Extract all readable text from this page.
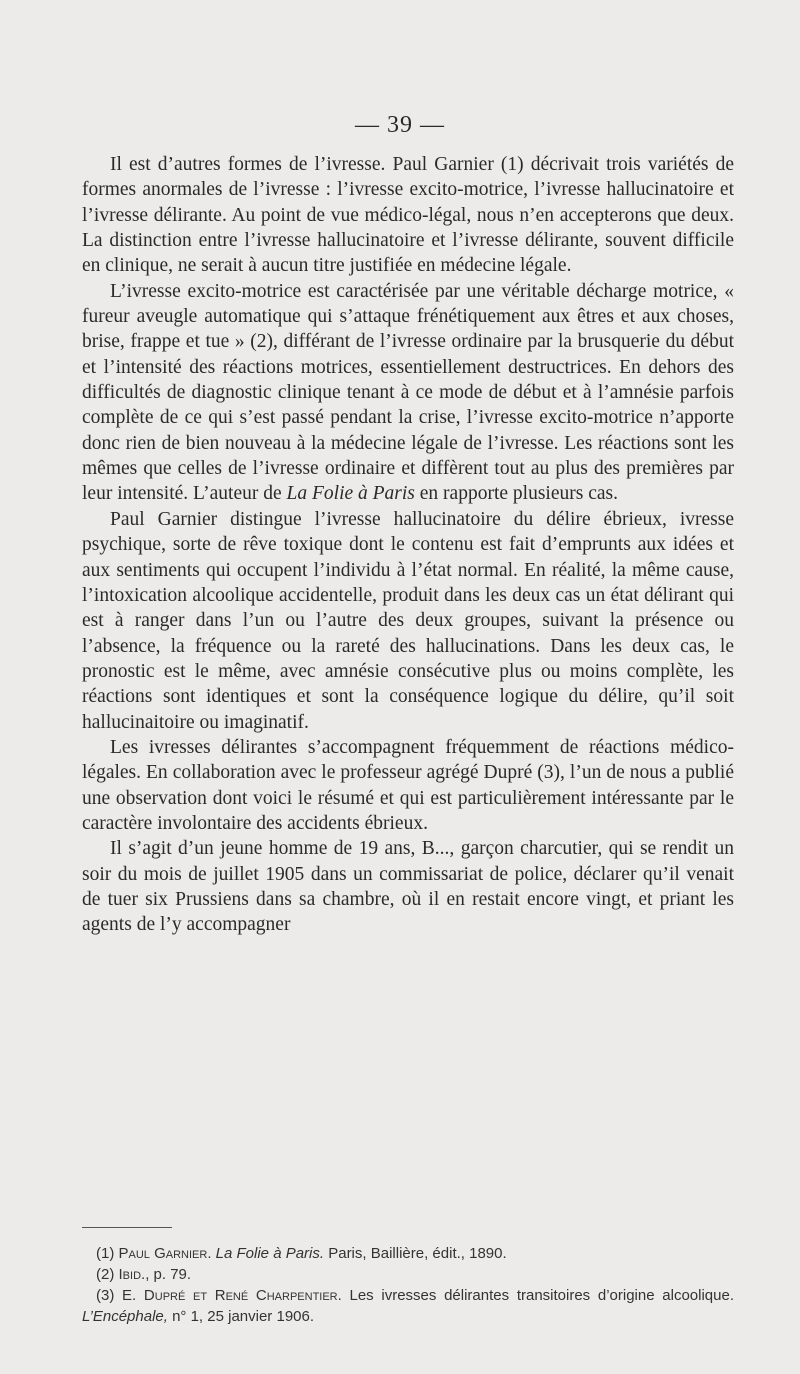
— 39 —

Il est d’autres formes de l’ivresse. Paul Garnier (1) décrivait trois variétés de formes anormales de l’ivresse : l’ivresse excito-motrice, l’ivresse hallucinatoire et l’ivresse délirante. Au point de vue médico-légal, nous n’en accepterons que deux. La distinction entre l’ivresse hallucinatoire et l’ivresse délirante, souvent difficile en clinique, ne serait à aucun titre justifiée en médecine légale.

L’ivresse excito-motrice est caractérisée par une véritable décharge motrice, « fureur aveugle automatique qui s’attaque frénétiquement aux êtres et aux choses, brise, frappe et tue » (2), différant de l’ivresse ordinaire par la brusquerie du début et l’intensité des réactions motrices, essentiellement destructrices. En dehors des difficultés de diagnostic clinique tenant à ce mode de début et à l’amnésie parfois complète de ce qui s’est passé pendant la crise, l’ivresse excito-motrice n’apporte donc rien de bien nouveau à la médecine légale de l’ivresse. Les réactions sont les mêmes que celles de l’ivresse ordinaire et diffèrent tout au plus des premières par leur intensité. L’auteur de La Folie à Paris en rapporte plusieurs cas.

Paul Garnier distingue l’ivresse hallucinatoire du délire ébrieux, ivresse psychique, sorte de rêve toxique dont le contenu est fait d’emprunts aux idées et aux sentiments qui occupent l’individu à l’état normal. En réalité, la même cause, l’intoxication alcoolique accidentelle, produit dans les deux cas un état délirant qui est à ranger dans l’un ou l’autre des deux groupes, suivant la présence ou l’absence, la fréquence ou la rareté des hallucinations. Dans les deux cas, le pronostic est le même, avec amnésie consécutive plus ou moins complète, les réactions sont identiques et sont la conséquence logique du délire, qu’il soit hallucinaitoire ou imaginatif.

Les ivresses délirantes s’accompagnent fréquemment de réactions médico-légales. En collaboration avec le professeur agrégé Dupré (3), l’un de nous a publié une observation dont voici le résumé et qui est particulièrement intéressante par le caractère involontaire des accidents ébrieux.

Il s’agit d’un jeune homme de 19 ans, B..., garçon charcutier, qui se rendit un soir du mois de juillet 1905 dans un commissariat de police, déclarer qu’il venait de tuer six Prussiens dans sa chambre, où il en restait encore vingt, et priant les agents de l’y accompagner

(1) Paul Garnier. La Folie à Paris. Paris, Baillière, édit., 1890.

(2) Ibid., p. 79.

(3) E. Dupré et René Charpentier. Les ivresses délirantes transitoires d’origine alcoolique. L’Encéphale, n° 1, 25 janvier 1906.
